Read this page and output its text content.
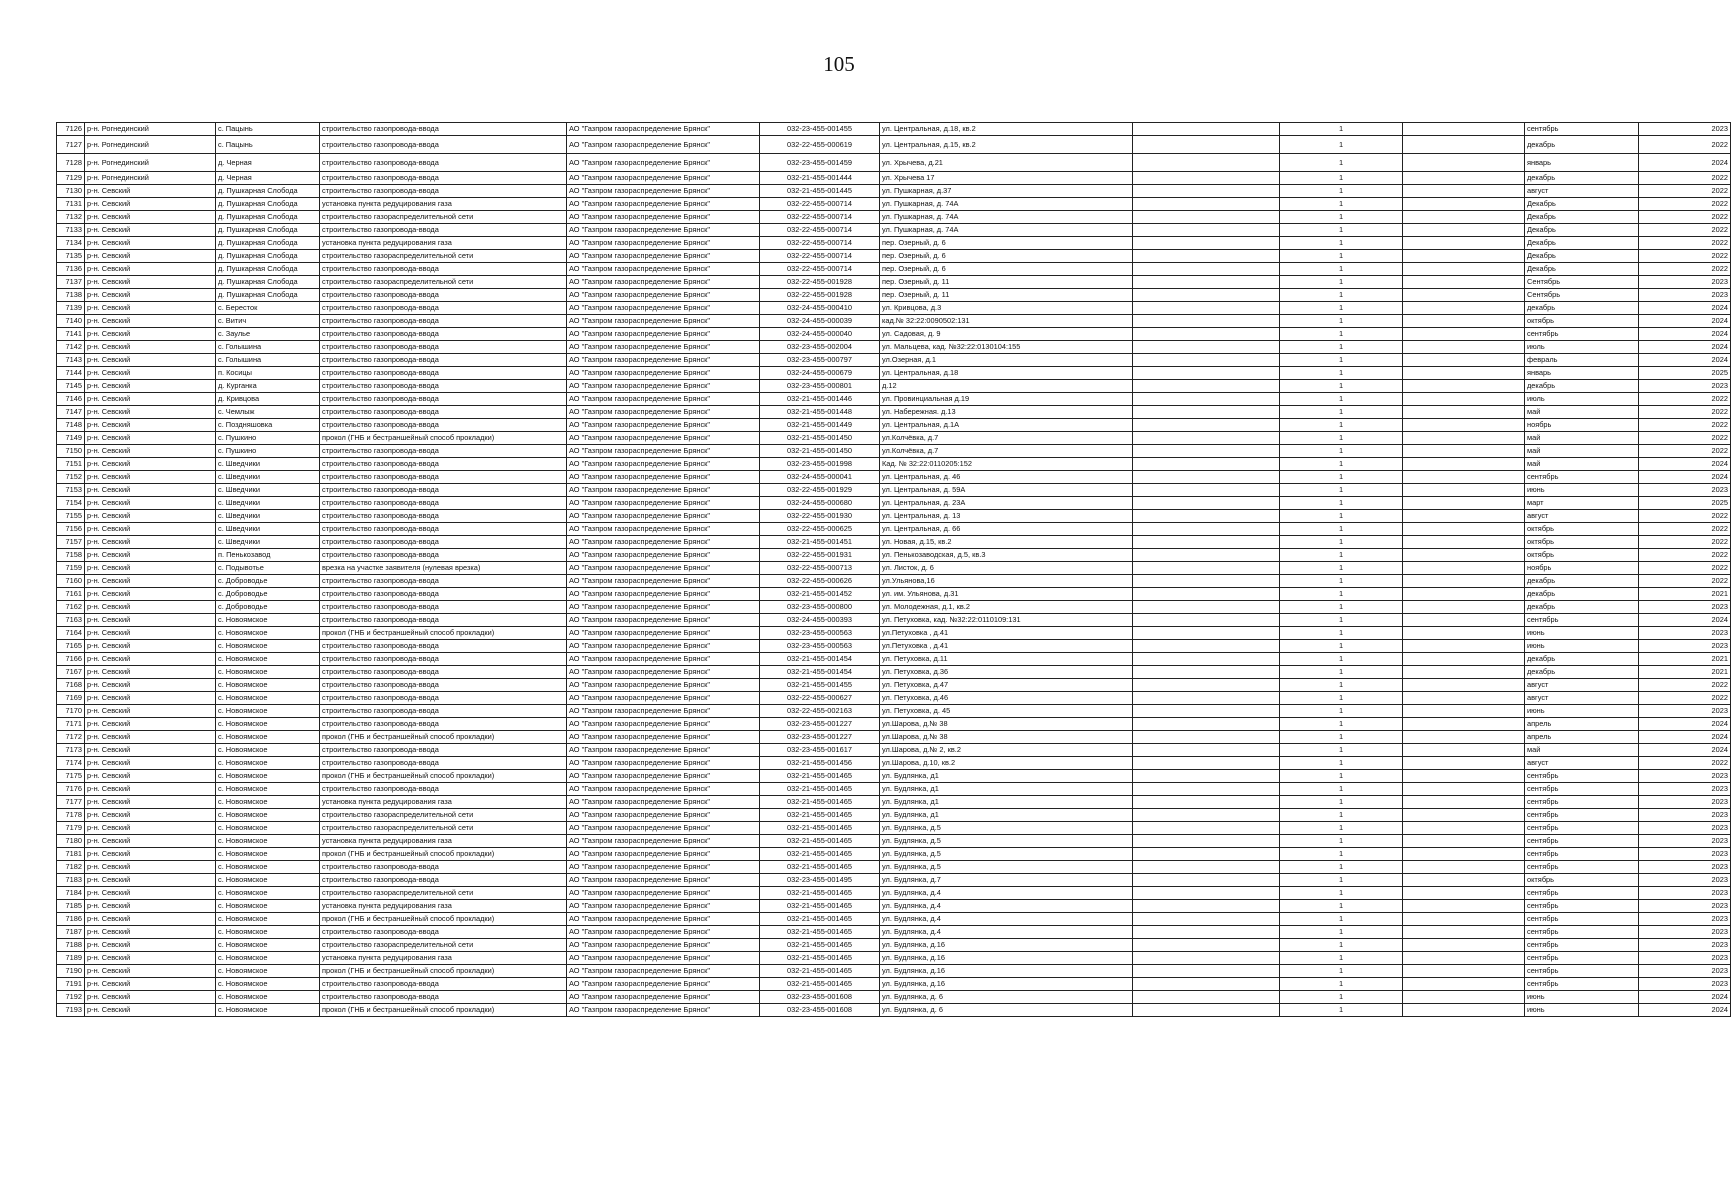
105
7126	р-н. Рогнединский	с. Пацынь	строительство газопровода-ввода	АО "Газпром газораспределение Брянск"	032-23-455-001455	ул. Центральная, д.18, кв.2		1		сентябрь	2023
7127	р-н. Рогнединский	с. Пацынь	строительство газопровода-ввода	АО "Газпром газораспределение Брянск"	032-22-455-000619	ул. Центральная, д.15, кв.2		1		декабрь	2022
7128	р-н. Рогнединский	д. Черная	строительство газопровода-ввода	АО "Газпром газораспределение Брянск"	032-23-455-001459	ул. Хрычева, д.21		1		январь	2024
7129	р-н. Рогнединский	д. Черная	строительство газопровода-ввода	АО "Газпром газораспределение Брянск"	032-21-455-001444	ул. Хрычева 17		1		декабрь	2022
7130	р-н. Севский	д. Пушкарная Слобода	строительство газопровода-ввода	АО "Газпром газораспределение Брянск"	032-21-455-001445	ул. Пушкарная, д.37		1		август	2022
7131	р-н. Севский	д. Пушкарная Слобода	установка пункта редуцирования газа	АО "Газпром газораспределение Брянск"	032-22-455-000714	ул. Пушкарная, д. 74А		1		Декабрь	2022
7132	р-н. Севский	д. Пушкарная Слобода	строительство газораспределительной сети	АО "Газпром газораспределение Брянск"	032-22-455-000714	ул. Пушкарная, д. 74А		1		Декабрь	2022
7133	р-н. Севский	д. Пушкарная Слобода	строительство газопровода-ввода	АО "Газпром газораспределение Брянск"	032-22-455-000714	ул. Пушкарная, д. 74А		1		Декабрь	2022
7134	р-н. Севский	д. Пушкарная Слобода	установка пункта редуцирования газа	АО "Газпром газораспределение Брянск"	032-22-455-000714	пер. Озерный, д. 6		1		Декабрь	2022
7135	р-н. Севский	д. Пушкарная Слобода	строительство газораспределительной сети	АО "Газпром газораспределение Брянск"	032-22-455-000714	пер. Озерный, д. 6		1		Декабрь	2022
7136	р-н. Севский	д. Пушкарная Слобода	строительство газопровода-ввода	АО "Газпром газораспределение Брянск"	032-22-455-000714	пер. Озерный, д. 6		1		Декабрь	2022
7137	р-н. Севский	д. Пушкарная Слобода	строительство газораспределительной сети	АО "Газпром газораспределение Брянск"	032-22-455-001928	пер. Озерный, д. 11		1		Сентябрь	2023
7138	р-н. Севский	д. Пушкарная Слобода	строительство газопровода-ввода	АО "Газпром газораспределение Брянск"	032-22-455-001928	пер. Озерный, д. 11		1		Сентябрь	2023
7139	р-н. Севский	с. Береcток	строительство газопровода-ввода	АО "Газпром газораспределение Брянск"	032-24-455-000410	ул. Кривцова, д.3		1		декабрь	2024
7140	р-н. Севский	с. Витич	строительство газопровода-ввода	АО "Газпром газораспределение Брянск"	032-24-455-000039	кад.№ 32:22:0090502:131		1		октябрь	2024
7141	р-н. Севский	с. Заулье	строительство газопровода-ввода	АО "Газпром газораспределение Брянск"	032-24-455-000040	ул. Садовая, д. 9		1		сентябрь	2024
7142	р-н. Севский	с. Голышина	строительство газопровода-ввода	АО "Газпром газораспределение Брянск"	032-23-455-002004	ул. Мальцева, кад. №32:22:0130104:155		1		июль	2024
7143	р-н. Севский	с. Голышина	строительство газопровода-ввода	АО "Газпром газораспределение Брянск"	032-23-455-000797	ул.Озерная, д.1		1		февраль	2024
7144	р-н. Севский	п. Косицы	строительство газопровода-ввода	АО "Газпром газораспределение Брянск"	032-24-455-000679	ул. Центральная, д.18		1		январь	2025
7145	р-н. Севский	д. Курганка	строительство газопровода-ввода	АО "Газпром газораспределение Брянск"	032-23-455-000801	д.12		1		декабрь	2023
7146	р-н. Севский	д. Кривцова	строительство газопровода-ввода	АО "Газпром газораспределение Брянск"	032-21-455-001446	ул. Провинциальная д.19		1		июль	2022
7147	р-н. Севский	с. Чемлыж	строительство газопровода-ввода	АО "Газпром газораспределение Брянск"	032-21-455-001448	ул. Набережная. д.13		1		май	2022
7148	р-н. Севский	с. Поздняшовка	строительство газопровода-ввода	АО "Газпром газораспределение Брянск"	032-21-455-001449	ул. Центральная, д.1А		1		ноябрь	2022
7149	р-н. Севский	с. Пушкино	прокол (ГНБ и бестраншейный способ прокладки)	АО "Газпром газораспределение Брянск"	032-21-455-001450	ул.Колчёвка, д.7		1		май	2022
7150	р-н. Севский	с. Пушкино	строительство газопровода-ввода	АО "Газпром газораспределение Брянск"	032-21-455-001450	ул.Колчёвка, д.7		1		май	2022
7151	р-н. Севский	с. Шведчики	строительство газопровода-ввода	АО "Газпром газораспределение Брянск"	032-23-455-001998	Кад. № 32:22:0110205:152		1		май	2024
7152	р-н. Севский	с. Шведчики	строительство газопровода-ввода	АО "Газпром газораспределение Брянск"	032-24-455-000041	ул. Центральная, д. 46		1		сентябрь	2024
7153	р-н. Севский	с. Шведчики	строительство газопровода-ввода	АО "Газпром газораспределение Брянск"	032-22-455-001929	ул. Центральная, д. 59А		1		июнь	2023
7154	р-н. Севский	с. Шведчики	строительство газопровода-ввода	АО "Газпром газораспределение Брянск"	032-24-455-000680	ул. Центральная, д. 23А		1		март	2025
7155	р-н. Севский	с. Шведчики	строительство газопровода-ввода	АО "Газпром газораспределение Брянск"	032-22-455-001930	ул. Центральная, д. 13		1		август	2022
7156	р-н. Севский	с. Шведчики	строительство газопровода-ввода	АО "Газпром газораспределение Брянск"	032-22-455-000625	ул. Центральная, д. 66		1		октябрь	2022
7157	р-н. Севский	с. Шведчики	строительство газопровода-ввода	АО "Газпром газораспределение Брянск"	032-21-455-001451	ул. Новая, д.15, кв.2		1		октябрь	2022
7158	р-н. Севский	п. Пенькозавод	строительство газопровода-ввода	АО "Газпром газораспределение Брянск"	032-22-455-001931	ул. Пенькозаводская, д.5, кв.3		1		октябрь	2022
7159	р-н. Севский	с. Подывотье	врезка на участке заявителя (нулевая врезка)	АО "Газпром газораспределение Брянск"	032-22-455-000713	ул. Листок, д. 6		1		ноябрь	2022
7160	р-н. Севский	с. Доброводье	строительство газопровода-ввода	АО "Газпром газораспределение Брянск"	032-22-455-000626	ул.Ульянова,16		1		декабрь	2022
7161	р-н. Севский	с. Доброводье	строительство газопровода-ввода	АО "Газпром газораспределение Брянск"	032-21-455-001452	ул. им. Ульянова, д.31		1		декабрь	2021
7162	р-н. Севский	с. Доброводье	строительство газопровода-ввода	АО "Газпром газораспределение Брянск"	032-23-455-000800	ул. Молодежная, д.1, кв.2		1		декабрь	2023
7163	р-н. Севский	с. Новоямское	строительство газопровода-ввода	АО "Газпром газораспределение Брянск"	032-24-455-000393	ул. Петуховка, кад. №32:22:0110109:131		1		сентябрь	2024
7164	р-н. Севский	с. Новоямское	прокол (ГНБ и бестраншейный способ прокладки)	АО "Газпром газораспределение Брянск"	032-23-455-000563	ул.Петуховка , д.41		1		июнь	2023
7165	р-н. Севский	с. Новоямское	строительство газопровода-ввода	АО "Газпром газораспределение Брянск"	032-23-455-000563	ул.Петуховка , д.41		1		июнь	2023
7166	р-н. Севский	с. Новоямское	строительство газопровода-ввода	АО "Газпром газораспределение Брянск"	032-21-455-001454	ул. Петуховка, д.11		1		декабрь	2021
7167	р-н. Севский	с. Новоямское	строительство газопровода-ввода	АО "Газпром газораспределение Брянск"	032-21-455-001454	ул. Петуховка, д.36		1		декабрь	2021
7168	р-н. Севский	с. Новоямское	строительство газопровода-ввода	АО "Газпром газораспределение Брянск"	032-21-455-001455	ул. Петуховка, д.47		1		август	2022
7169	р-н. Севский	с. Новоямское	строительство газопровода-ввода	АО "Газпром газораспределение Брянск"	032-22-455-000627	ул. Петуховка, д.46		1		август	2022
7170	р-н. Севский	с. Новоямское	строительство газопровода-ввода	АО "Газпром газораспределение Брянск"	032-22-455-002163	ул. Петуховка, д. 45		1		июнь	2023
7171	р-н. Севский	с. Новоямское	строительство газопровода-ввода	АО "Газпром газораспределение Брянск"	032-23-455-001227	ул.Шарова, д.№ 38		1		апрель	2024
7172	р-н. Севский	с. Новоямское	прокол (ГНБ и бестраншейный способ прокладки)	АО "Газпром газораспределение Брянск"	032-23-455-001227	ул.Шарова, д.№ 38		1		апрель	2024
7173	р-н. Севский	с. Новоямское	строительство газопровода-ввода	АО "Газпром газораспределение Брянск"	032-23-455-001617	ул.Шарова, д.№ 2, кв.2		1		май	2024
7174	р-н. Севский	с. Новоямское	строительство газопровода-ввода	АО "Газпром газораспределение Брянск"	032-21-455-001456	ул.Шарова, д.10, кв.2		1		август	2022
7175	р-н. Севский	с. Новоямское	прокол (ГНБ и бестраншейный способ прокладки)	АО "Газпром газораспределение Брянск"	032-21-455-001465	ул. Будлянка, д1		1		сентябрь	2023
7176	р-н. Севский	с. Новоямское	строительство газопровода-ввода	АО "Газпром газораспределение Брянск"	032-21-455-001465	ул. Будлянка, д1		1		сентябрь	2023
7177	р-н. Севский	с. Новоямское	установка пункта редуцирования газа	АО "Газпром газораспределение Брянск"	032-21-455-001465	ул. Будлянка, д1		1		сентябрь	2023
7178	р-н. Севский	с. Новоямское	строительство газораспределительной сети	АО "Газпром газораспределение Брянск"	032-21-455-001465	ул. Будлянка, д1		1		сентябрь	2023
7179	р-н. Севский	с. Новоямское	строительство газораспределительной сети	АО "Газпром газораспределение Брянск"	032-21-455-001465	ул. Будлянка, д.5		1		сентябрь	2023
7180	р-н. Севский	с. Новоямское	установка пункта редуцирования газа	АО "Газпром газораспределение Брянск"	032-21-455-001465	ул. Будлянка, д.5		1		сентябрь	2023
7181	р-н. Севский	с. Новоямское	прокол (ГНБ и бестраншейный способ прокладки)	АО "Газпром газораспределение Брянск"	032-21-455-001465	ул. Будлянка, д.5		1		сентябрь	2023
7182	р-н. Севский	с. Новоямское	строительство газопровода-ввода	АО "Газпром газораспределение Брянск"	032-21-455-001465	ул. Будлянка, д.5		1		сентябрь	2023
7183	р-н. Севский	с. Новоямское	строительство газопровода-ввода	АО "Газпром газораспределение Брянск"	032-23-455-001495	ул. Будлянка, д.7		1		октябрь	2023
7184	р-н. Севский	с. Новоямское	строительство газораспределительной сети	АО "Газпром газораспределение Брянск"	032-21-455-001465	ул. Будлянка, д.4		1		сентябрь	2023
7185	р-н. Севский	с. Новоямское	установка пункта редуцирования газа	АО "Газпром газораспределение Брянск"	032-21-455-001465	ул. Будлянка, д.4		1		сентябрь	2023
7186	р-н. Севский	с. Новоямское	прокол (ГНБ и бестраншейный способ прокладки)	АО "Газпром газораспределение Брянск"	032-21-455-001465	ул. Будлянка, д.4		1		сентябрь	2023
7187	р-н. Севский	с. Новоямское	строительство газопровода-ввода	АО "Газпром газораспределение Брянск"	032-21-455-001465	ул. Будлянка, д.4		1		сентябрь	2023
7188	р-н. Севский	с. Новоямское	строительство газораспределительной сети	АО "Газпром газораспределение Брянск"	032-21-455-001465	ул. Будлянка, д.16		1		сентябрь	2023
7189	р-н. Севский	с. Новоямское	установка пункта редуцирования газа	АО "Газпром газораспределение Брянск"	032-21-455-001465	ул. Будлянка, д.16		1		сентябрь	2023
7190	р-н. Севский	с. Новоямское	прокол (ГНБ и бестраншейный способ прокладки)	АО "Газпром газораспределение Брянск"	032-21-455-001465	ул. Будлянка, д.16		1		сентябрь	2023
7191	р-н. Севский	с. Новоямское	строительство газопровода-ввода	АО "Газпром газораспределение Брянск"	032-21-455-001465	ул. Будлянка, д.16		1		сентябрь	2023
7192	р-н. Севский	с. Новоямское	строительство газопровода-ввода	АО "Газпром газораспределение Брянск"	032-23-455-001608	ул. Будлянка, д. 6		1		июнь	2024
7193	р-н. Севский	с. Новоямское	прокол (ГНБ и бестраншейный способ прокладки)	АО "Газпром газораспределение Брянск"	032-23-455-001608	ул. Будлянка, д. 6		1		июнь	2024
